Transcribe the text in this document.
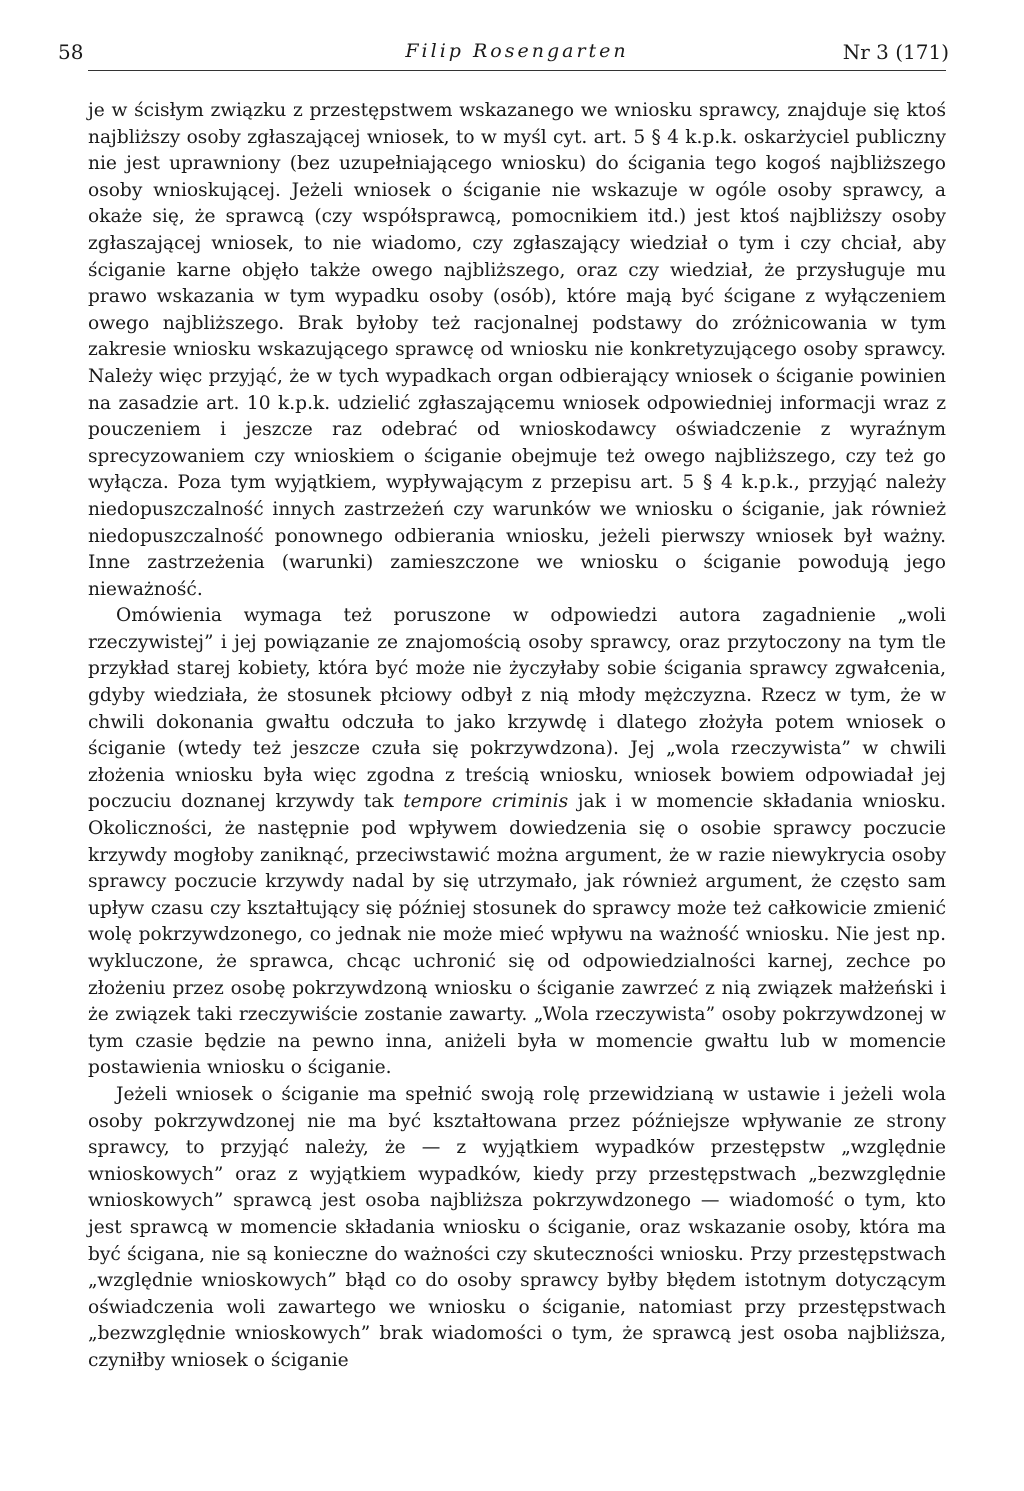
58	Filip Rosengarten	Nr 3 (171)

je w ścisłym związku z przestępstwem wskazanego we wniosku sprawcy, znajduje się ktoś najbliższy osoby zgłaszającej wniosek, to w myśl cyt. art. 5 § 4 k.p.k. oskarżyciel publiczny nie jest uprawniony (bez uzupełniającego wniosku) do ścigania tego kogoś najbliższego osoby wnioskującej. Jeżeli wniosek o ściganie nie wskazuje w ogóle osoby sprawcy, a okaże się, że sprawcą (czy współsprawcą, pomocnikiem itd.) jest ktoś najbliższy osoby zgłaszającej wniosek, to nie wiadomo, czy zgłaszający wiedział o tym i czy chciał, aby ściganie karne objęło także owego najbliższego, oraz czy wiedział, że przysługuje mu prawo wskazania w tym wypadku osoby (osób), które mają być ścigane z wyłączeniem owego najbliższego. Brak byłoby też racjonalnej podstawy do zróżnicowania w tym zakresie wniosku wskazującego sprawcę od wniosku nie konkretyzującego osoby sprawcy. Należy więc przyjąć, że w tych wypadkach organ odbierający wniosek o ściganie powinien na zasadzie art. 10 k.p.k. udzielić zgłaszającemu wniosek odpowiedniej informacji wraz z pouczeniem i jeszcze raz odebrać od wnioskodawcy oświadczenie z wyraźnym sprecyzowaniem czy wnioskiem o ściganie obejmuje też owego najbliższego, czy też go wyłącza. Poza tym wyjątkiem, wypływającym z przepisu art. 5 § 4 k.p.k., przyjąć należy niedopuszczalność innych zastrzeżeń czy warunków we wniosku o ściganie, jak również niedopuszczalność ponownego odbierania wniosku, jeżeli pierwszy wniosek był ważny. Inne zastrzeżenia (warunki) zamieszczone we wniosku o ściganie powodują jego nieważność.

Omówienia wymaga też poruszone w odpowiedzi autora zagadnienie „woli rzeczywistej” i jej powiązanie ze znajomością osoby sprawcy, oraz przytoczony na tym tle przykład starej kobiety, która być może nie życzyłaby sobie ścigania sprawcy zgwałcenia, gdyby wiedziała, że stosunek płciowy odbył z nią młody mężczyzna. Rzecz w tym, że w chwili dokonania gwałtu odczuła to jako krzywdę i dlatego złożyła potem wniosek o ściganie (wtedy też jeszcze czuła się pokrzywdzona). Jej „wola rzeczywista” w chwili złożenia wniosku była więc zgodna z treścią wniosku, wniosek bowiem odpowiadał jej poczuciu doznanej krzywdy tak tempore criminis jak i w momencie składania wniosku. Okoliczności, że następnie pod wpływem dowiedzenia się o osobie sprawcy poczucie krzywdy mogłoby zaniknąć, przeciwstawić można argument, że w razie niewykrycia osoby sprawcy poczucie krzywdy nadal by się utrzymało, jak również argument, że często sam upływ czasu czy kształtujący się później stosunek do sprawcy może też całkowicie zmienić wolę pokrzywdzonego, co jednak nie może mieć wpływu na ważność wniosku. Nie jest np. wykluczone, że sprawca, chcąc uchronić się od odpowiedzialności karnej, zechce po złożeniu przez osobę pokrzywdzoną wniosku o ściganie zawrzeć z nią związek małżeński i że związek taki rzeczywiście zostanie zawarty. „Wola rzeczywista” osoby pokrzywdzonej w tym czasie będzie na pewno inna, aniżeli była w momencie gwałtu lub w momencie postawienia wniosku o ściganie.

Jeżeli wniosek o ściganie ma spełnić swoją rolę przewidzianą w ustawie i jeżeli wola osoby pokrzywdzonej nie ma być kształtowana przez późniejsze wpływanie ze strony sprawcy, to przyjąć należy, że — z wyjątkiem wypadków przestępstw „względnie wnioskowych” oraz z wyjątkiem wypadków, kiedy przy przestępstwach „bezwzględnie wnioskowych” sprawcą jest osoba najbliższa pokrzywdzonego — wiadomość o tym, kto jest sprawcą w momencie składania wniosku o ściganie, oraz wskazanie osoby, która ma być ścigana, nie są konieczne do ważności czy skuteczności wniosku. Przy przestępstwach „względnie wnioskowych” błąd co do osoby sprawcy byłby błędem istotnym dotyczącym oświadczenia woli zawartego we wniosku o ściganie, natomiast przy przestępstwach „bezwzględnie wnioskowych” brak wiadomości o tym, że sprawcą jest osoba najbliższa, czyniłby wniosek o ściganie
